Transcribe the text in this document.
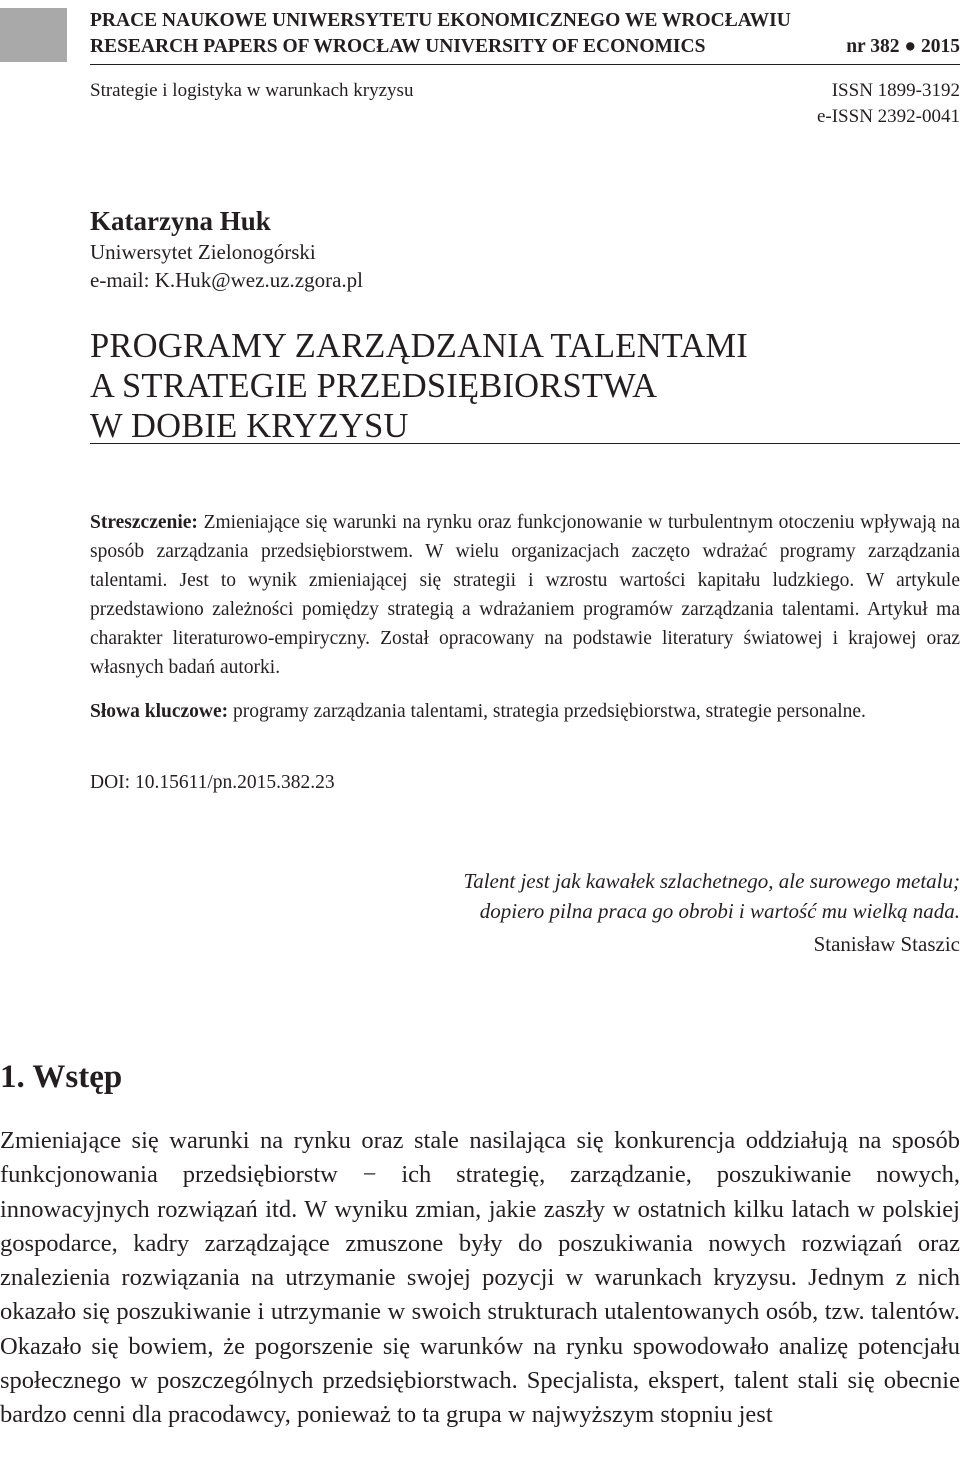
PRACE NAUKOWE UNIWERSYTETU EKONOMICZNEGO WE WROCŁAWIU
RESEARCH PAPERS OF WROCŁAW UNIVERSITY OF ECONOMICS	nr 382 ● 2015
Strategie i logistyka w warunkach kryzysu	ISSN 1899-3192
e-ISSN 2392-0041
Katarzyna Huk
Uniwersytet Zielonogórski
e-mail: K.Huk@wez.uz.zgora.pl
PROGRAMY ZARZĄDZANIA TALENTAMI
A STRATEGIE PRZEDSIĘBIORSTWA
W DOBIE KRYZYSU
Streszczenie: Zmieniające się warunki na rynku oraz funkcjonowanie w turbulentnym otoczeniu wpływają na sposób zarządzania przedsiębiorstwem. W wielu organizacjach zaczęto wdrażać programy zarządzania talentami. Jest to wynik zmieniającej się strategii i wzrostu wartości kapitału ludzkiego. W artykule przedstawiono zależności pomiędzy strategią a wdrażaniem programów zarządzania talentami. Artykuł ma charakter literaturowo-empiryczny. Został opracowany na podstawie literatury światowej i krajowej oraz własnych badań autorki.
Słowa kluczowe: programy zarządzania talentami, strategia przedsiębiorstwa, strategie personalne.
DOI: 10.15611/pn.2015.382.23
Talent jest jak kawałek szlachetnego, ale surowego metalu;
dopiero pilna praca go obrobi i wartość mu wielką nada.
Stanisław Staszic
1. Wstęp
Zmieniające się warunki na rynku oraz stale nasilająca się konkurencja oddziałują na sposób funkcjonowania przedsiębiorstw − ich strategię, zarządzanie, poszukiwanie nowych, innowacyjnych rozwiązań itd. W wyniku zmian, jakie zaszły w ostatnich kilku latach w polskiej gospodarce, kadry zarządzające zmuszone były do poszukiwania nowych rozwiązań oraz znalezienia rozwiązania na utrzymanie swojej pozycji w warunkach kryzysu. Jednym z nich okazało się poszukiwanie i utrzymanie w swoich strukturach utalentowanych osób, tzw. talentów. Okazało się bowiem, że pogorszenie się warunków na rynku spowodowało analizę potencjału społecznego w poszczególnych przedsiębiorstwach. Specjalista, ekspert, talent stali się obecnie bardzo cenni dla pracodawcy, ponieważ to ta grupa w najwyższym stopniu jest
